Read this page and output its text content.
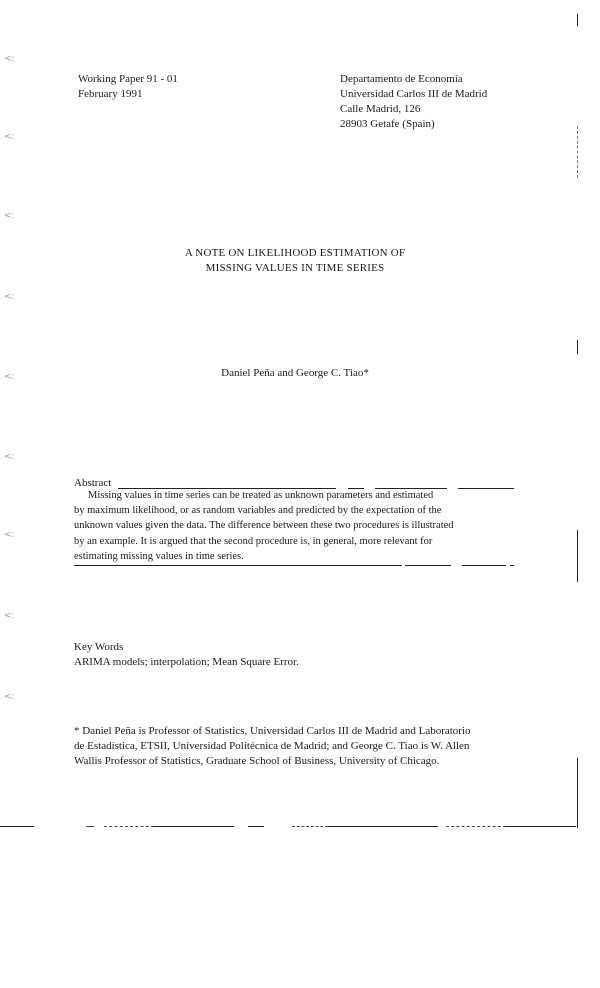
<:
<:
<:
<:
<:
<:
<:
<:
<:
Working Paper 91 - 01
February 1991
Departamento de Economía
Universidad Carlos III de Madrid
Calle Madrid, 126
28903 Getafe (Spain)
A NOTE ON LIKELIHOOD ESTIMATION OF
MISSING VALUES IN TIME SERIES
Daniel Peña and George C. Tiao*
Abstract
Missing values in time series can be treated as unknown parameters and estimated
by maximum likelihood, or as random variables and predicted by the expectation of the
unknown values given the data. The difference between these two procedures is illustrated
by an example. It is argued that the second procedure is, in general, more relevant for
estimating missing values in time series.
Key Words
ARIMA models; interpolation; Mean Square Error.
* Daniel Peña is Professor of Statistics, Universidad Carlos III de Madrid and Laboratorio
de Estadística, ETSII, Universidad Politécnica de Madrid; and George C. Tiao is W. Allen
Wallis Professor of Statistics, Graduate School of Business, University of Chicago.
